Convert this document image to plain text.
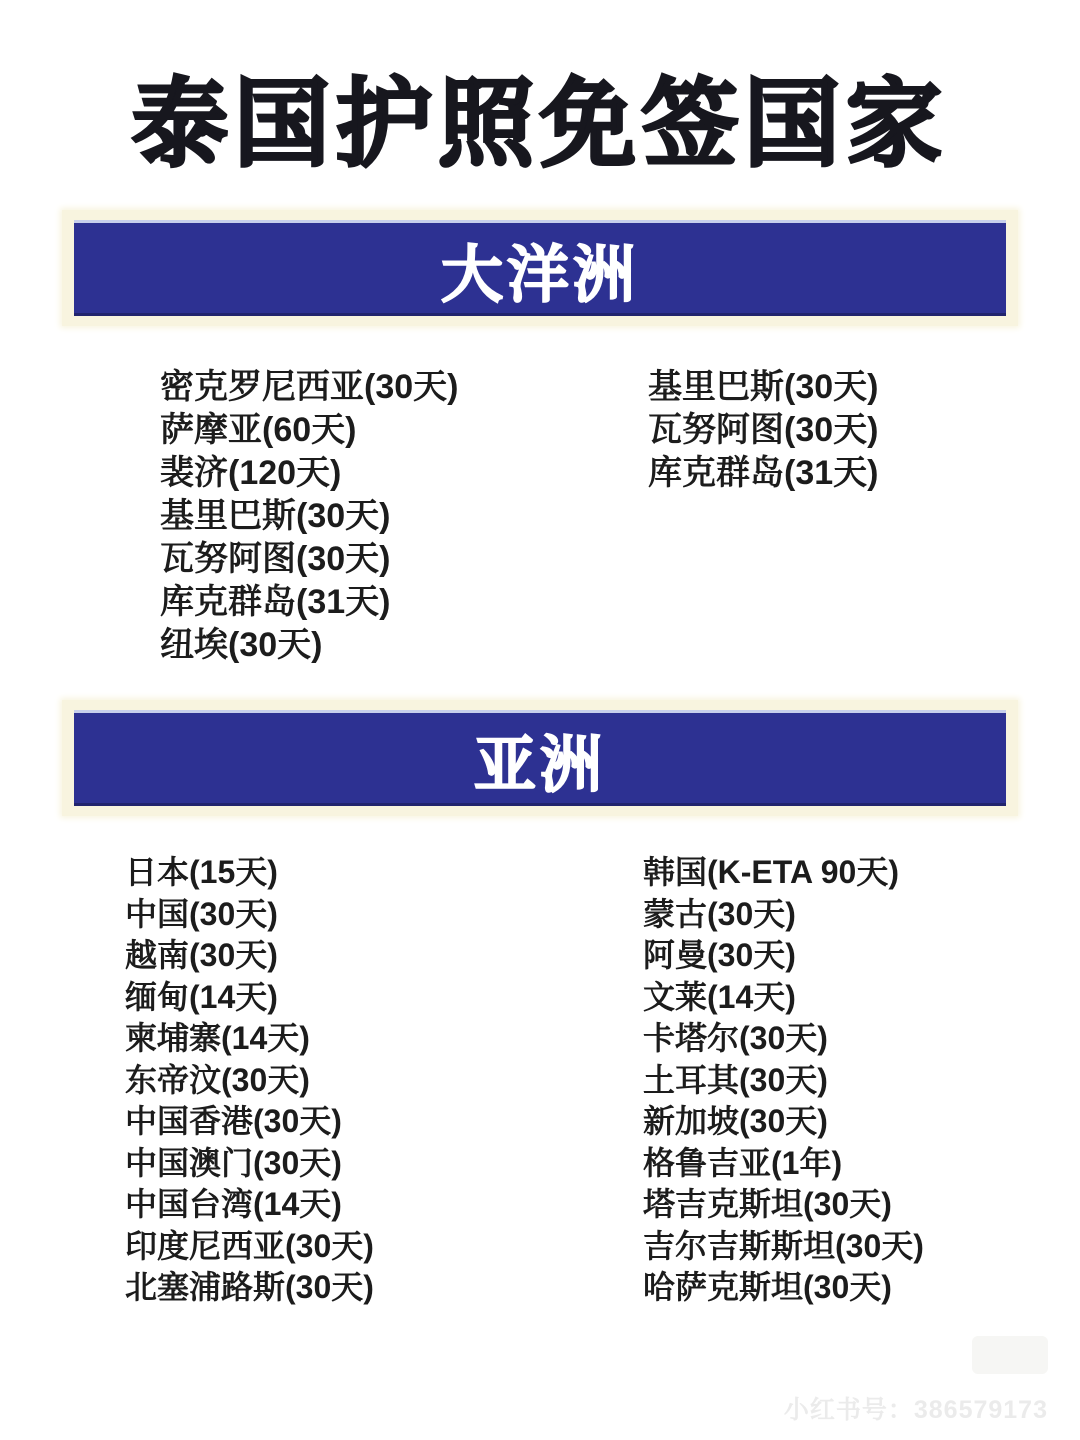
泰国护照免签国家
大洋洲
密克罗尼西亚(30天)
萨摩亚(60天)
裴济(120天)
基里巴斯(30天)
瓦努阿图(30天)
库克群岛(31天)
纽埃(30天)
基里巴斯(30天)
瓦努阿图(30天)
库克群岛(31天)
亚洲
日本(15天)
中国(30天)
越南(30天)
缅甸(14天)
柬埔寨(14天)
东帝汶(30天)
中国香港(30天)
中国澳门(30天)
中国台湾(14天)
印度尼西亚(30天)
北塞浦路斯(30天)
韩国(K-ETA 90天)
蒙古(30天)
阿曼(30天)
文莱(14天)
卡塔尔(30天)
土耳其(30天)
新加坡(30天)
格鲁吉亚(1年)
塔吉克斯坦(30天)
吉尔吉斯斯坦(30天)
哈萨克斯坦(30天)
小红书号：386579173
